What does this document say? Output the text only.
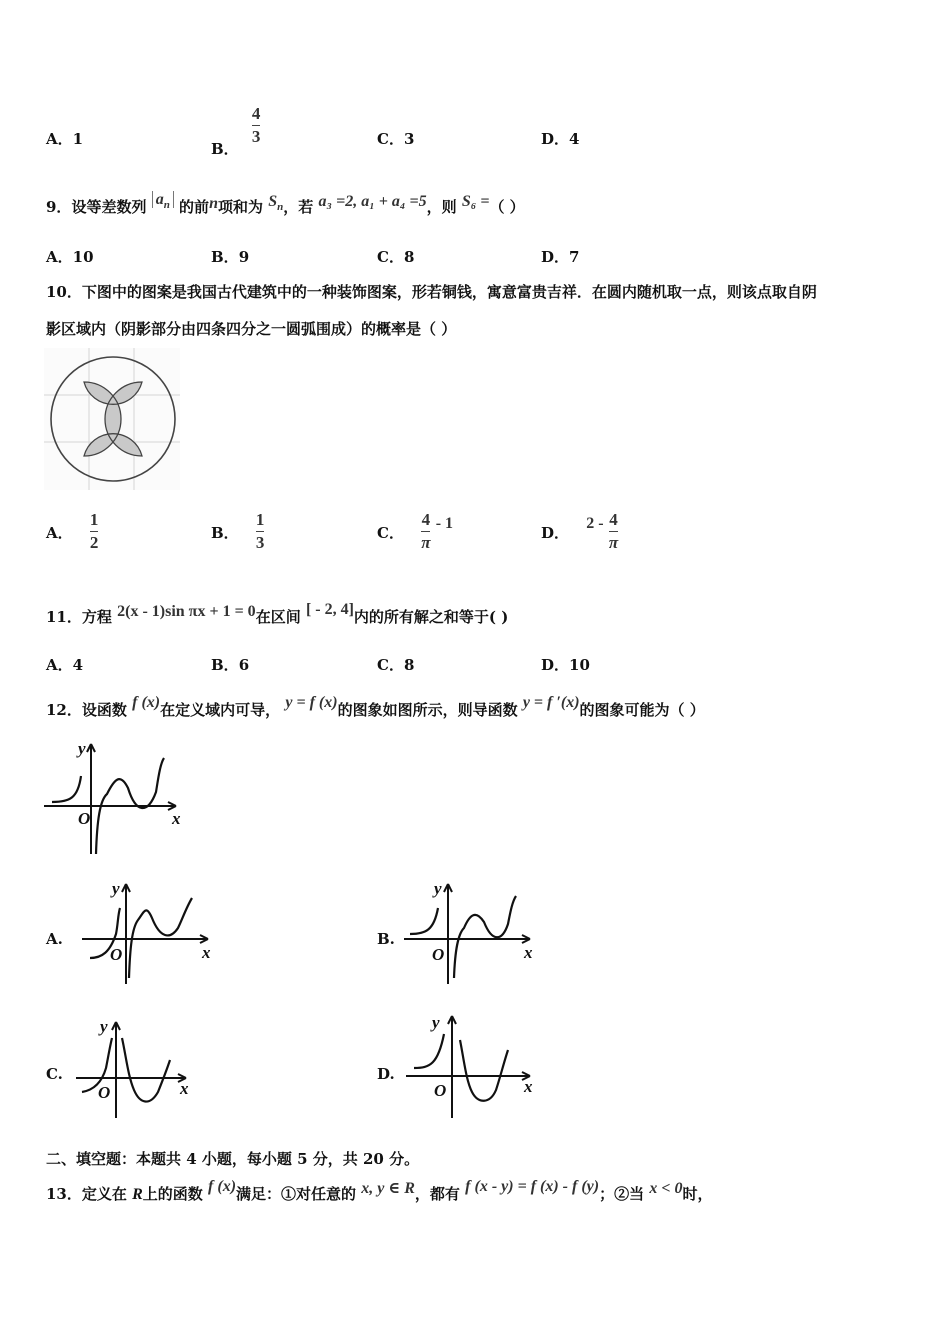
A．1
B．
$\frac{4}{3}$	C．3	D．4
9．设等差数列 $a_n$ 的前n项和为 $S_n$，若 a₃ =2, a₁ + a₄ =5，则 S₆ =（ ）
A．10	B．9	C．8	D．7
10．下图中的图案是我国古代建筑中的一种装饰图案，形若铜钱，寓意富贵吉祥．在圆内随机取一点，则该点取自阴
影区域内（阴影部分由四条四分之一圆弧围成）的概率是（ ）
A． $\frac{1}{2}$	B． $\frac{1}{3}$	C． $\frac{4}{\pi} - 1$
D． $2 - \frac{4}{\pi}$
11．方程 2(x - 1)sin πx + 1 = 0在区间 [ - 2, 4]内的所有解之和等于( )
A．4	B．6	C．8	D．10
12．设函数 f (x)在定义域内可导， y = f (x)的图象如图所示，则导函数 y = f ′(x)的图象可能为（ ）
y
O	x
A.
y
O	x
B.
y
O	x
C.
y
O	x
D.
y
O	x
二、填空题：本题共 4 小题，每小题 5 分，共 20 分。
13．定义在 R上的函数 f (x)满足：①对任意的 x, y ∈ R，都有 f (x - y) = f (x) - f (y)；②当 x < 0时，
